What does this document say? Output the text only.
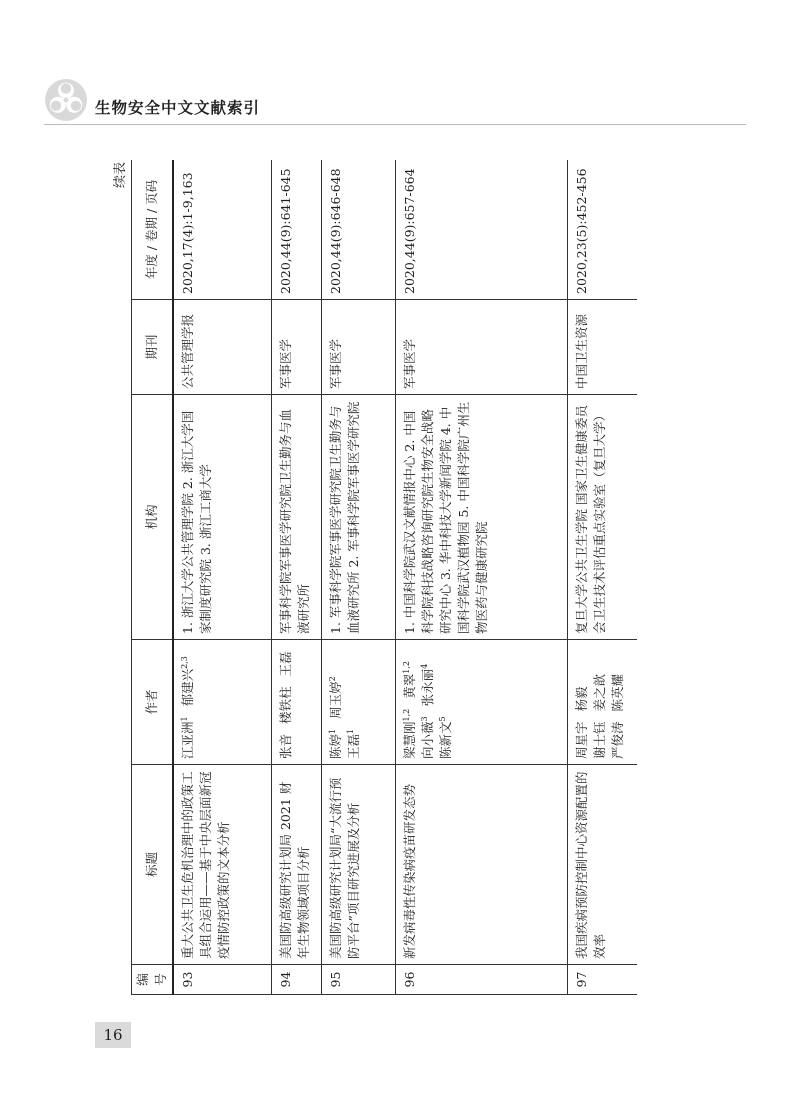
生物安全中文文献索引
续表
编号	标题	作者	机构	期刊	年度 / 卷期 / 页码
93	重大公共卫生危机治理中的政策工具组合运用——基于中央层面新冠疫情防控政策的文本分析	江亚洲$^1$ 郁建兴$^{2,3}$	1. 浙江大学公共管理学院 2. 浙江大学国家制度研究院 3. 浙江工商大学	公共管理学报	2020,17(4):1-9,163
94	美国防高级研究计划局 2021 财年生物领域项目分析	张音 楼铁柱 王磊	军事科学院军事医学研究院卫生勤务与血液研究所	军事医学	2020,44(9):641-645
95	美国防高级研究计划局“大流行预防平台”项目研究进展及分析	陈婷$^1$ 周玉婷$^2$ 王磊$^1$	1. 军事科学院军事医学研究院卫生勤务与血液研究所 2. 军事科学院军事医学研究院	军事医学	2020,44(9):646-648
96	新发病毒性传染病疫苗研发态势	梁慧刚$^{1,2}$ 黄翠$^{1,2}$ 向小薇$^3$ 张永丽$^4$ 陈新文$^5$	1. 中国科学院武汉文献情报中心 2. 中国科学院科技战略咨询研究院生物安全战略研究中心 3. 华中科技大学新闻学院 4. 中国科学院武汉植物园 5. 中国科学院广州生物医药与健康研究院	军事医学	2020,44(9):657-664
97	我国疾病预防控制中心资源配置的效率	周星宇 杨毅 谢士钰 姜之歆 严俊涛 陈英耀	复旦大学公共卫生学院 国家卫生健康委员会卫生技术评估重点实验室（复旦大学）	中国卫生资源	2020,23(5):452-456
16
